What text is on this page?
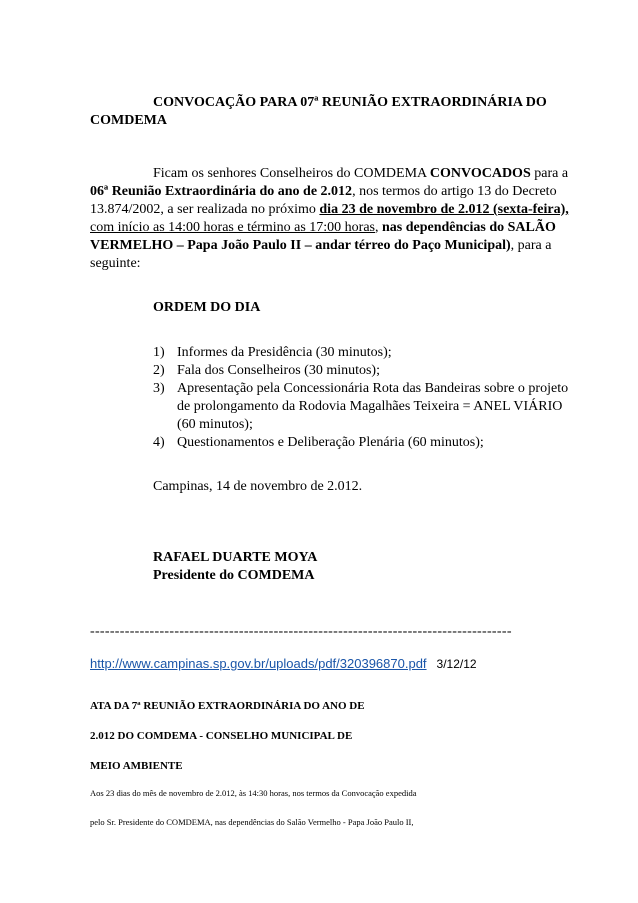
CONVOCAÇÃO PARA 07ª REUNIÃO EXTRAORDINÁRIA DO
COMDEMA
Ficam os senhores Conselheiros do COMDEMA CONVOCADOS para a
06ª Reunião Extraordinária do ano de 2.012, nos termos do artigo 13 do Decreto
13.874/2002, a ser realizada no próximo dia 23 de novembro de 2.012 (sexta-feira),
com início as 14:00 horas e término as 17:00 horas, nas dependências do SALÃO
VERMELHO – Papa João Paulo II – andar térreo do Paço Municipal), para a
seguinte:
ORDEM DO DIA
1) Informes da Presidência (30 minutos);
2) Fala dos Conselheiros (30 minutos);
3) Apresentação pela Concessionária Rota das Bandeiras sobre o projeto
de prolongamento da Rodovia Magalhães Teixeira = ANEL VIÁRIO
(60 minutos);
4) Questionamentos e Deliberação Plenária (60 minutos);
Campinas, 14 de novembro de 2.012.
RAFAEL DUARTE MOYA
Presidente do COMDEMA
-------------------------------------------------------------------------------------
http://www.campinas.sp.gov.br/uploads/pdf/320396870.pdf 3/12/12
ATA DA 7ª REUNIÃO EXTRAORDINÁRIA DO ANO DE
2.012 DO COMDEMA - CONSELHO MUNICIPAL DE
MEIO AMBIENTE
Aos 23 dias do mês de novembro de 2.012, às 14:30 horas, nos termos da Convocação expedida
pelo Sr. Presidente do COMDEMA, nas dependências do Salão Vermelho - Papa João Paulo II,
